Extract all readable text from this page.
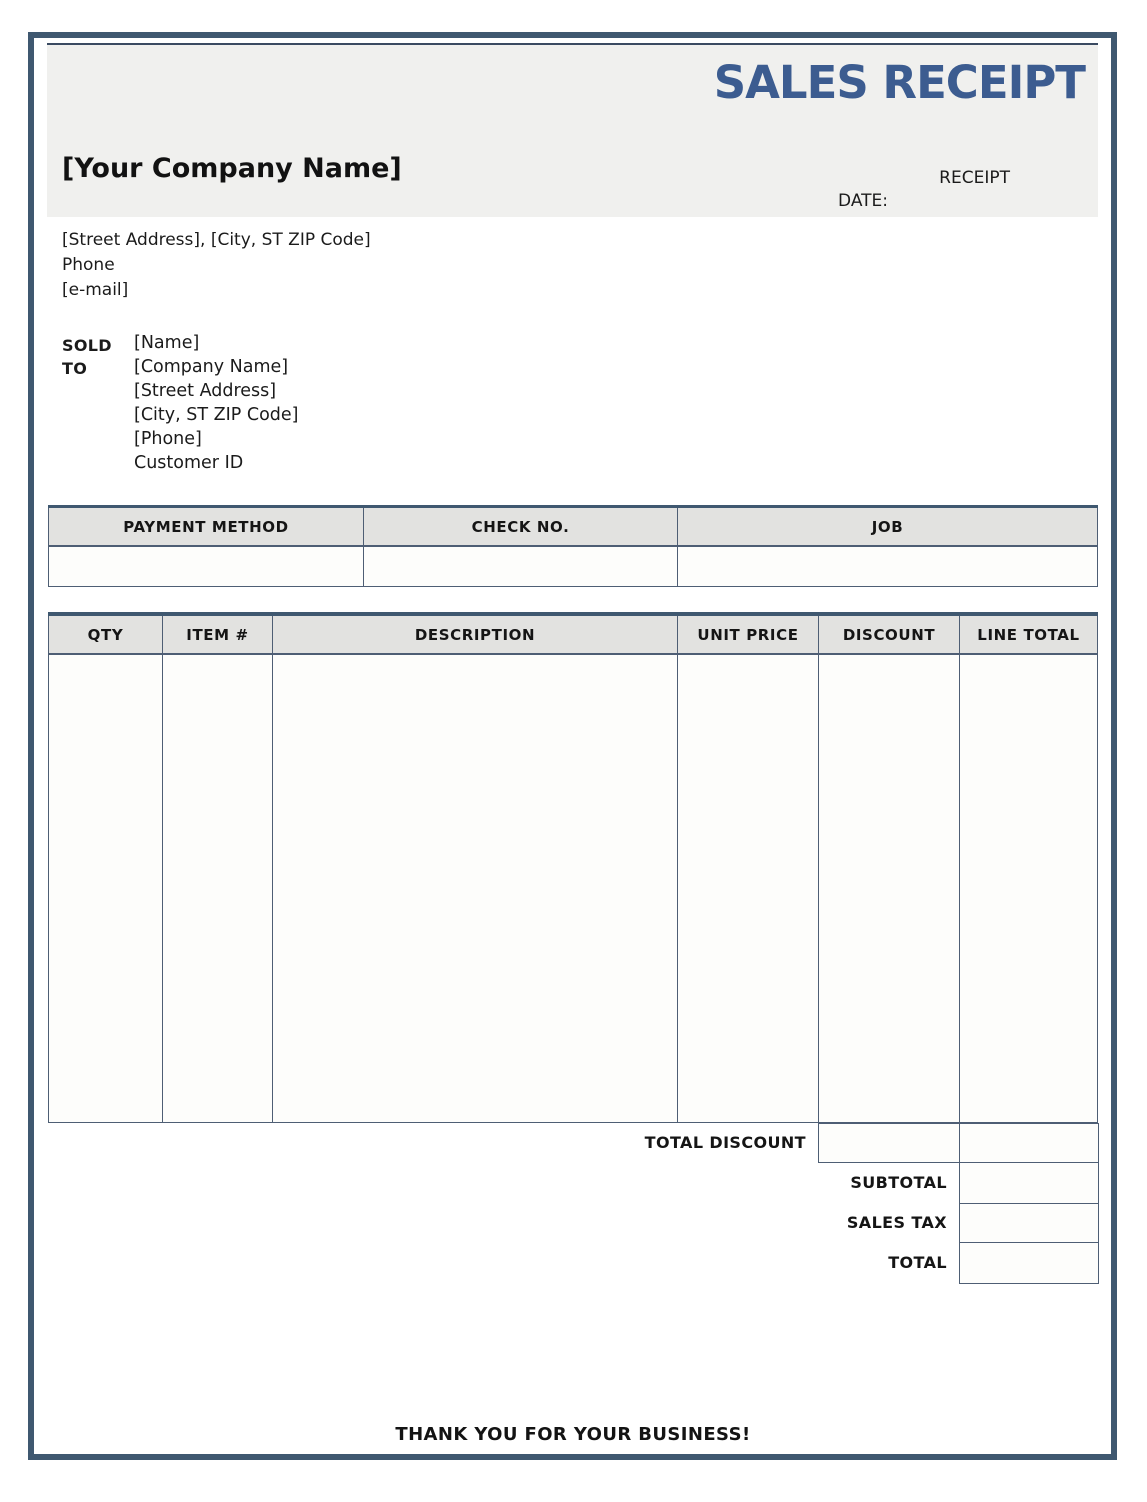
SALES RECEIPT
[Your Company Name]	RECEIPT
DATE:
[Street Address], [City, ST ZIP Code]
Phone
[e-mail]
SOLD
TO
[Name]
[Company Name]
[Street Address]
[City, ST ZIP Code]
[Phone]
Customer ID
PAYMENT METHOD	CHECK NO.	JOB
QTY	ITEM #	DESCRIPTION	UNIT PRICE	DISCOUNT	LINE TOTAL
TOTAL DISCOUNT
SUBTOTAL
SALES TAX
TOTAL
THANK YOU FOR YOUR BUSINESS!
